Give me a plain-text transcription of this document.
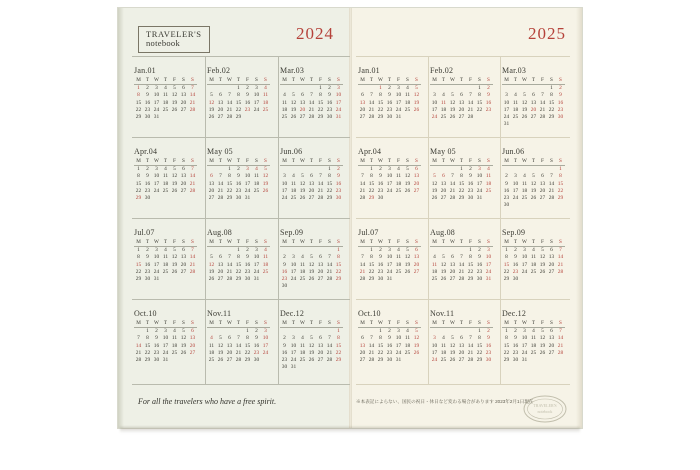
TRAVELER'S
notebook	2024	2025
Jan.01
M	T	W	T	F	S	S
1	2	3	4	5	6	7
8	9	10	11	12	13	14
15	16	17	18	19	20	21
22	23	24	25	26	27	28
29	30	31				
Feb.02
M	T	W	T	F	S	S
			1	2	3	4
5	6	7	8	9	10	11
12	13	14	15	16	17	18
19	20	21	22	23	24	25
26	27	28	29			
Mar.03
M	T	W	T	F	S	S
				1	2	3
4	5	6	7	8	9	10
11	12	13	14	15	16	17
18	19	20	21	22	23	24
25	26	27	28	29	30	31
Apr.04
M	T	W	T	F	S	S
1	2	3	4	5	6	7
8	9	10	11	12	13	14
15	16	17	18	19	20	21
22	23	24	25	26	27	28
29	30					
May 05
M	T	W	T	F	S	S
		1	2	3	4	5
6	7	8	9	10	11	12
13	14	15	16	17	18	19
20	21	22	23	24	25	26
27	28	29	30	31		
Jun.06
M	T	W	T	F	S	S
					1	2
3	4	5	6	7	8	9
10	11	12	13	14	15	16
17	18	19	20	21	22	23
24	25	26	27	28	29	30
Jul.07
M	T	W	T	F	S	S
1	2	3	4	5	6	7
8	9	10	11	12	13	14
15	16	17	18	19	20	21
22	23	24	25	26	27	28
29	30	31				
Aug.08
M	T	W	T	F	S	S
			1	2	3	4
5	6	7	8	9	10	11
12	13	14	15	16	17	18
19	20	21	22	23	24	25
26	27	28	29	30	31	
Sep.09
M	T	W	T	F	S	S
						1
2	3	4	5	6	7	8
9	10	11	12	13	14	15
16	17	18	19	20	21	22
23	24	25	26	27	28	29
30						
Oct.10
M	T	W	T	F	S	S
	1	2	3	4	5	6
7	8	9	10	11	12	13
14	15	16	17	18	19	20
21	22	23	24	25	26	27
28	29	30	31			
Nov.11
M	T	W	T	F	S	S
				1	2	3
4	5	6	7	8	9	10
11	12	13	14	15	16	17
18	19	20	21	22	23	24
25	26	27	28	29	30	
Dec.12
M	T	W	T	F	S	S
						1
2	3	4	5	6	7	8
9	10	11	12	13	14	15
16	17	18	19	20	21	22
23	24	25	26	27	28	29
30	31					
Jan.01
M	T	W	T	F	S	S
		1	2	3	4	5
6	7	8	9	10	11	12
13	14	15	16	17	18	19
20	21	22	23	24	25	26
27	28	29	30	31		
Feb.02
M	T	W	T	F	S	S
					1	2
3	4	5	6	7	8	9
10	11	12	13	14	15	16
17	18	19	20	21	22	23
24	25	26	27	28		
Mar.03
M	T	W	T	F	S	S
					1	2
3	4	5	6	7	8	9
10	11	12	13	14	15	16
17	18	19	20	21	22	23
24	25	26	27	28	29	30
31						
Apr.04
M	T	W	T	F	S	S
	1	2	3	4	5	6
7	8	9	10	11	12	13
14	15	16	17	18	19	20
21	22	23	24	25	26	27
28	29	30				
May 05
M	T	W	T	F	S	S
			1	2	3	4
5	6	7	8	9	10	11
12	13	14	15	16	17	18
19	20	21	22	23	24	25
26	27	28	29	30	31	
Jun.06
M	T	W	T	F	S	S
						1
2	3	4	5	6	7	8
9	10	11	12	13	14	15
16	17	18	19	20	21	22
23	24	25	26	27	28	29
30						
Jul.07
M	T	W	T	F	S	S
	1	2	3	4	5	6
7	8	9	10	11	12	13
14	15	16	17	18	19	20
21	22	23	24	25	26	27
28	29	30	31			
Aug.08
M	T	W	T	F	S	S
				1	2	3
4	5	6	7	8	9	10
11	12	13	14	15	16	17
18	19	20	21	22	23	24
25	26	27	28	29	30	31
Sep.09
M	T	W	T	F	S	S
1	2	3	4	5	6	7
8	9	10	11	12	13	14
15	16	17	18	19	20	21
22	23	24	25	26	27	28
29	30					
Oct.10
M	T	W	T	F	S	S
		1	2	3	4	5
6	7	8	9	10	11	12
13	14	15	16	17	18	19
20	21	22	23	24	25	26
27	28	29	30	31		
Nov.11
M	T	W	T	F	S	S
					1	2
3	4	5	6	7	8	9
10	11	12	13	14	15	16
17	18	19	20	21	22	23
24	25	26	27	28	29	30
Dec.12
M	T	W	T	F	S	S
1	2	3	4	5	6	7
8	9	10	11	12	13	14
15	16	17	18	19	20	21
22	23	24	25	26	27	28
29	30	31				
For all the travelers who have a free spirit.	※本表記によらない、国民の祝日・休日など変わる場合があります 2023年2月1日現在
TRAVELER'S
notebook
